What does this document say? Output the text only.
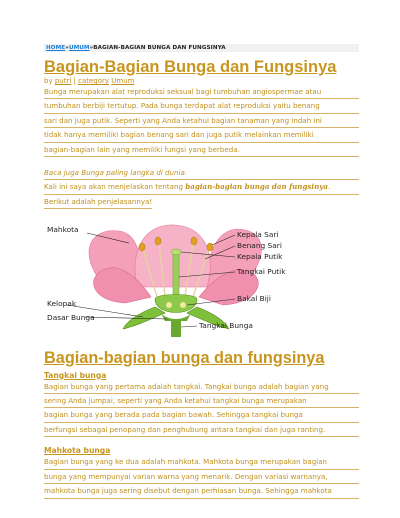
HOME»UMUM»BAGIAN-BAGIAN BUNGA DAN FUNGSINYA
Bagian-Bagian Bunga dan Fungsinya
by putri | category Umum
Bunga merupakan alat reproduksi seksual bagi tumbuhan angiospermae atau
tumbuhan berbiji tertutup. Pada bunga terdapat alat reproduksi yaitu benang
sari dan juga putik. Seperti yang Anda ketahui bagian tanaman yang indah ini
tidak hanya memiliki bagian benang sari dan juga putik melainkan memiliki
bagian-bagian lain yang memiliki fungsi yang berbeda.
Baca juga Bunga paling langka di dunia.
Kali ini saya akan menjelaskan tentang bagian-bagian bunga dan fungsinya.
Berikut adalah penjelasannya!
Mahkota
Kepala Sari
Benang Sari
Kepala Putik
Tangkai Putik
Kelopak
Bakal Biji
Dasar Bunga
Tangkai Bunga
Bagian-bagian bunga dan fungsinya
Tangkai bunga
Bagian bunga yang pertama adalah tangkai. Tangkai bunga adalah bagian yang
sering Anda jumpai, seperti yang Anda ketahui tangkai bunga merupakan
bagian bunga yang berada pada bagian bawah. Sehingga tangkai bunga
berfungsi sebagai penopang dan penghubung antara tangkai dan juga ranting.
Mahkota bunga
Bagian bunga yang ke dua adalah mahkota. Mahkota bunga merupakan bagian
bunga yang mempunyai varian warna yang menarik. Dengan variasi warnanya,
mahkota bunga juga sering disebut dengan perhiasan bunga. Sehingga mahkota
